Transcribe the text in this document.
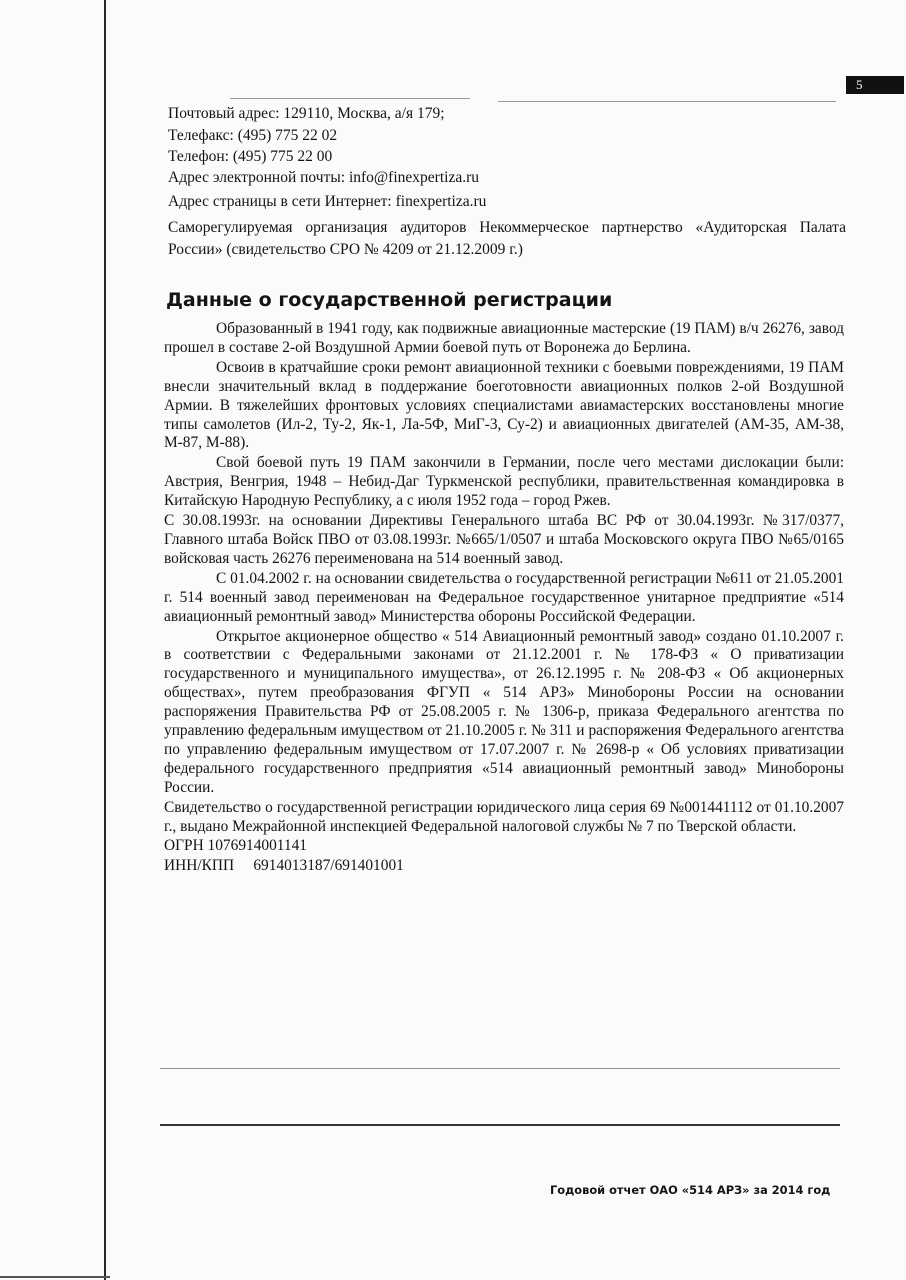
5
Почтовый адрес: 129110, Москва, а/я 179;
Телефакс: (495) 775 22 02
Телефон: (495) 775 22 00
Адрес электронной почты: info@finexpertiza.ru
Адрес страницы в сети Интернет: finexpertiza.ru
Саморегулируемая организация аудиторов Некоммерческое партнерство «Аудиторская Палата России» (свидетельство СРО № 4209 от 21.12.2009 г.)
Данные о государственной регистрации

Образованный в 1941 году, как подвижные авиационные мастерские (19 ПАМ) в/ч 26276, завод прошел в составе 2-ой Воздушной Армии боевой путь от Воронежа до Берлина.

Освоив в кратчайшие сроки ремонт авиационной техники с боевыми повреждениями, 19 ПАМ внесли значительный вклад в поддержание боеготовности авиационных полков 2-ой Воздушной Армии. В тяжелейших фронтовых условиях специалистами авиамастерских восстановлены многие типы самолетов (Ил-2, Ту-2, Як-1, Ла-5Ф, МиГ-3, Су-2) и авиационных двигателей (АМ-35, АМ-38, М-87, М-88).

Свой боевой путь 19 ПАМ закончили в Германии, после чего местами дислокации были: Австрия, Венгрия, 1948 – Небид-Даг Туркменской республики, правительственная командировка в Китайскую Народную Республику, а с июля 1952 года – город Ржев.

С 30.08.1993г. на основании Директивы Генерального штаба ВС РФ от 30.04.1993г. №317/0377, Главного штаба Войск ПВО от 03.08.1993г. №665/1/0507 и штаба Московского округа ПВО №65/0165 войсковая часть 26276 переименована на 514 военный завод.

С 01.04.2002 г. на основании свидетельства о государственной регистрации №611 от 21.05.2001 г. 514 военный завод переименован на Федеральное государственное унитарное предприятие «514 авиационный ремонтный завод» Министерства обороны Российской Федерации.

Открытое акционерное общество « 514 Авиационный ремонтный завод» создано 01.10.2007 г. в соответствии с Федеральными законами от 21.12.2001 г. № 178-ФЗ « О приватизации государственного и муниципального имущества», от 26.12.1995 г. № 208-ФЗ « Об акционерных обществах», путем преобразования ФГУП « 514 АРЗ» Минобороны России на основании распоряжения Правительства РФ от 25.08.2005 г. № 1306-р, приказа Федерального агентства по управлению федеральным имуществом от 21.10.2005 г. № 311 и распоряжения Федерального агентства по управлению федеральным имуществом от 17.07.2007 г. № 2698-р « Об условиях приватизации федерального государственного предприятия «514 авиационный ремонтный завод» Минобороны России.

Свидетельство о государственной регистрации юридического лица серия 69 №001441112 от 01.10.2007 г., выдано Межрайонной инспекцией Федеральной налоговой службы № 7 по Тверской области.

ОГРН 1076914001141

ИНН/КПП     6914013187/691401001

Годовой отчет ОАО «514 АРЗ» за 2014 год
